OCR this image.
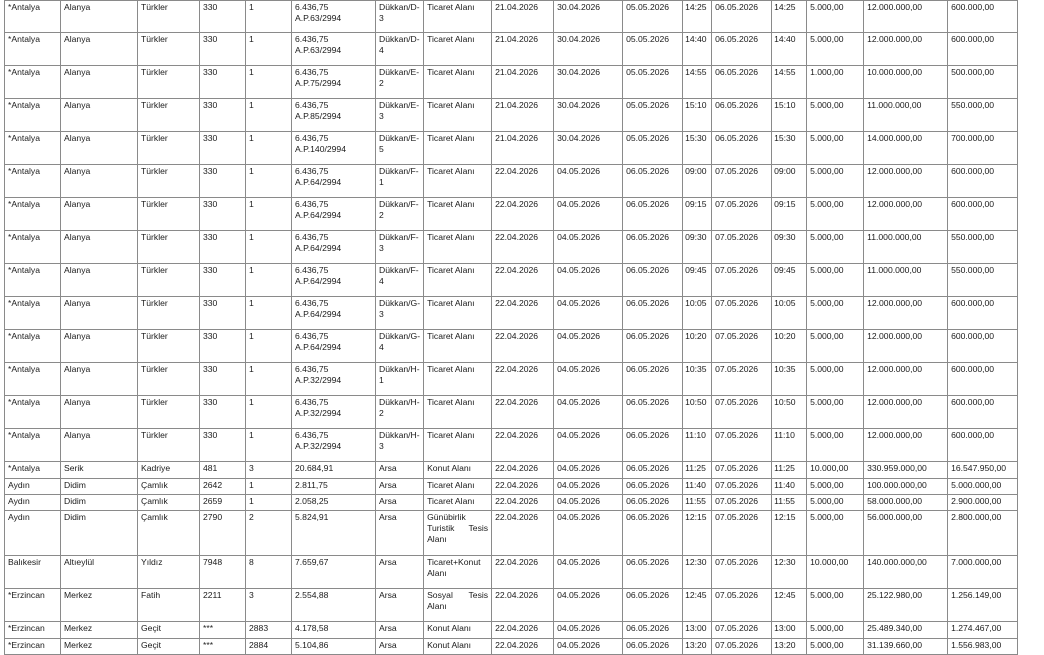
*Antalya	Alanya	Türkler	330	1	6.436,75 A.P.63/2994	Dükkan/D-3	Ticaret Alanı	21.04.2026	30.04.2026	05.05.2026	14:25	06.05.2026	14:25	5.000,00	12.000.000,00	600.000,00
*Antalya	Alanya	Türkler	330	1	6.436,75 A.P.63/2994	Dükkan/D-4	Ticaret Alanı	21.04.2026	30.04.2026	05.05.2026	14:40	06.05.2026	14:40	5.000,00	12.000.000,00	600.000,00
*Antalya	Alanya	Türkler	330	1	6.436,75 A.P.75/2994	Dükkan/E-2	Ticaret Alanı	21.04.2026	30.04.2026	05.05.2026	14:55	06.05.2026	14:55	1.000,00	10.000.000,00	500.000,00
*Antalya	Alanya	Türkler	330	1	6.436,75 A.P.85/2994	Dükkan/E-3	Ticaret Alanı	21.04.2026	30.04.2026	05.05.2026	15:10	06.05.2026	15:10	5.000,00	11.000.000,00	550.000,00
*Antalya	Alanya	Türkler	330	1	6.436,75 A.P.140/2994	Dükkan/E-5	Ticaret Alanı	21.04.2026	30.04.2026	05.05.2026	15:30	06.05.2026	15:30	5.000,00	14.000.000,00	700.000,00
*Antalya	Alanya	Türkler	330	1	6.436,75 A.P.64/2994	Dükkan/F-1	Ticaret Alanı	22.04.2026	04.05.2026	06.05.2026	09:00	07.05.2026	09:00	5.000,00	12.000.000,00	600.000,00
*Antalya	Alanya	Türkler	330	1	6.436,75 A.P.64/2994	Dükkan/F-2	Ticaret Alanı	22.04.2026	04.05.2026	06.05.2026	09:15	07.05.2026	09:15	5.000,00	12.000.000,00	600.000,00
*Antalya	Alanya	Türkler	330	1	6.436,75 A.P.64/2994	Dükkan/F-3	Ticaret Alanı	22.04.2026	04.05.2026	06.05.2026	09:30	07.05.2026	09:30	5.000,00	11.000.000,00	550.000,00
*Antalya	Alanya	Türkler	330	1	6.436,75 A.P.64/2994	Dükkan/F-4	Ticaret Alanı	22.04.2026	04.05.2026	06.05.2026	09:45	07.05.2026	09:45	5.000,00	11.000.000,00	550.000,00
*Antalya	Alanya	Türkler	330	1	6.436,75 A.P.64/2994	Dükkan/G-3	Ticaret Alanı	22.04.2026	04.05.2026	06.05.2026	10:05	07.05.2026	10:05	5.000,00	12.000.000,00	600.000,00
*Antalya	Alanya	Türkler	330	1	6.436,75 A.P.64/2994	Dükkan/G-4	Ticaret Alanı	22.04.2026	04.05.2026	06.05.2026	10:20	07.05.2026	10:20	5.000,00	12.000.000,00	600.000,00
*Antalya	Alanya	Türkler	330	1	6.436,75 A.P.32/2994	Dükkan/H-1	Ticaret Alanı	22.04.2026	04.05.2026	06.05.2026	10:35	07.05.2026	10:35	5.000,00	12.000.000,00	600.000,00
*Antalya	Alanya	Türkler	330	1	6.436,75 A.P.32/2994	Dükkan/H-2	Ticaret Alanı	22.04.2026	04.05.2026	06.05.2026	10:50	07.05.2026	10:50	5.000,00	12.000.000,00	600.000,00
*Antalya	Alanya	Türkler	330	1	6.436,75 A.P.32/2994	Dükkan/H-3	Ticaret Alanı	22.04.2026	04.05.2026	06.05.2026	11:10	07.05.2026	11:10	5.000,00	12.000.000,00	600.000,00
*Antalya	Serik	Kadriye	481	3	20.684,91	Arsa	Konut Alanı	22.04.2026	04.05.2026	06.05.2026	11:25	07.05.2026	11:25	10.000,00	330.959.000,00	16.547.950,00
Aydın	Didim	Çamlık	2642	1	2.811,75	Arsa	Ticaret Alanı	22.04.2026	04.05.2026	06.05.2026	11:40	07.05.2026	11:40	5.000,00	100.000.000,00	5.000.000,00
Aydın	Didim	Çamlık	2659	1	2.058,25	Arsa	Ticaret Alanı	22.04.2026	04.05.2026	06.05.2026	11:55	07.05.2026	11:55	5.000,00	58.000.000,00	2.900.000,00
Aydın	Didim	Çamlık	2790	2	5.824,91	Arsa	Günübirlik Turistik Tesis Alanı	22.04.2026	04.05.2026	06.05.2026	12:15	07.05.2026	12:15	5.000,00	56.000.000,00	2.800.000,00
Balıkesir	Altıeylül	Yıldız	7948	8	7.659,67	Arsa	Ticaret+Konut Alanı	22.04.2026	04.05.2026	06.05.2026	12:30	07.05.2026	12:30	10.000,00	140.000.000,00	7.000.000,00
*Erzincan	Merkez	Fatih	2211	3	2.554,88	Arsa	Sosyal Tesis Alanı	22.04.2026	04.05.2026	06.05.2026	12:45	07.05.2026	12:45	5.000,00	25.122.980,00	1.256.149,00
*Erzincan	Merkez	Geçit	***	2883	4.178,58	Arsa	Konut Alanı	22.04.2026	04.05.2026	06.05.2026	13:00	07.05.2026	13:00	5.000,00	25.489.340,00	1.274.467,00
*Erzincan	Merkez	Geçit	***	2884	5.104,86	Arsa	Konut Alanı	22.04.2026	04.05.2026	06.05.2026	13:20	07.05.2026	13:20	5.000,00	31.139.660,00	1.556.983,00
